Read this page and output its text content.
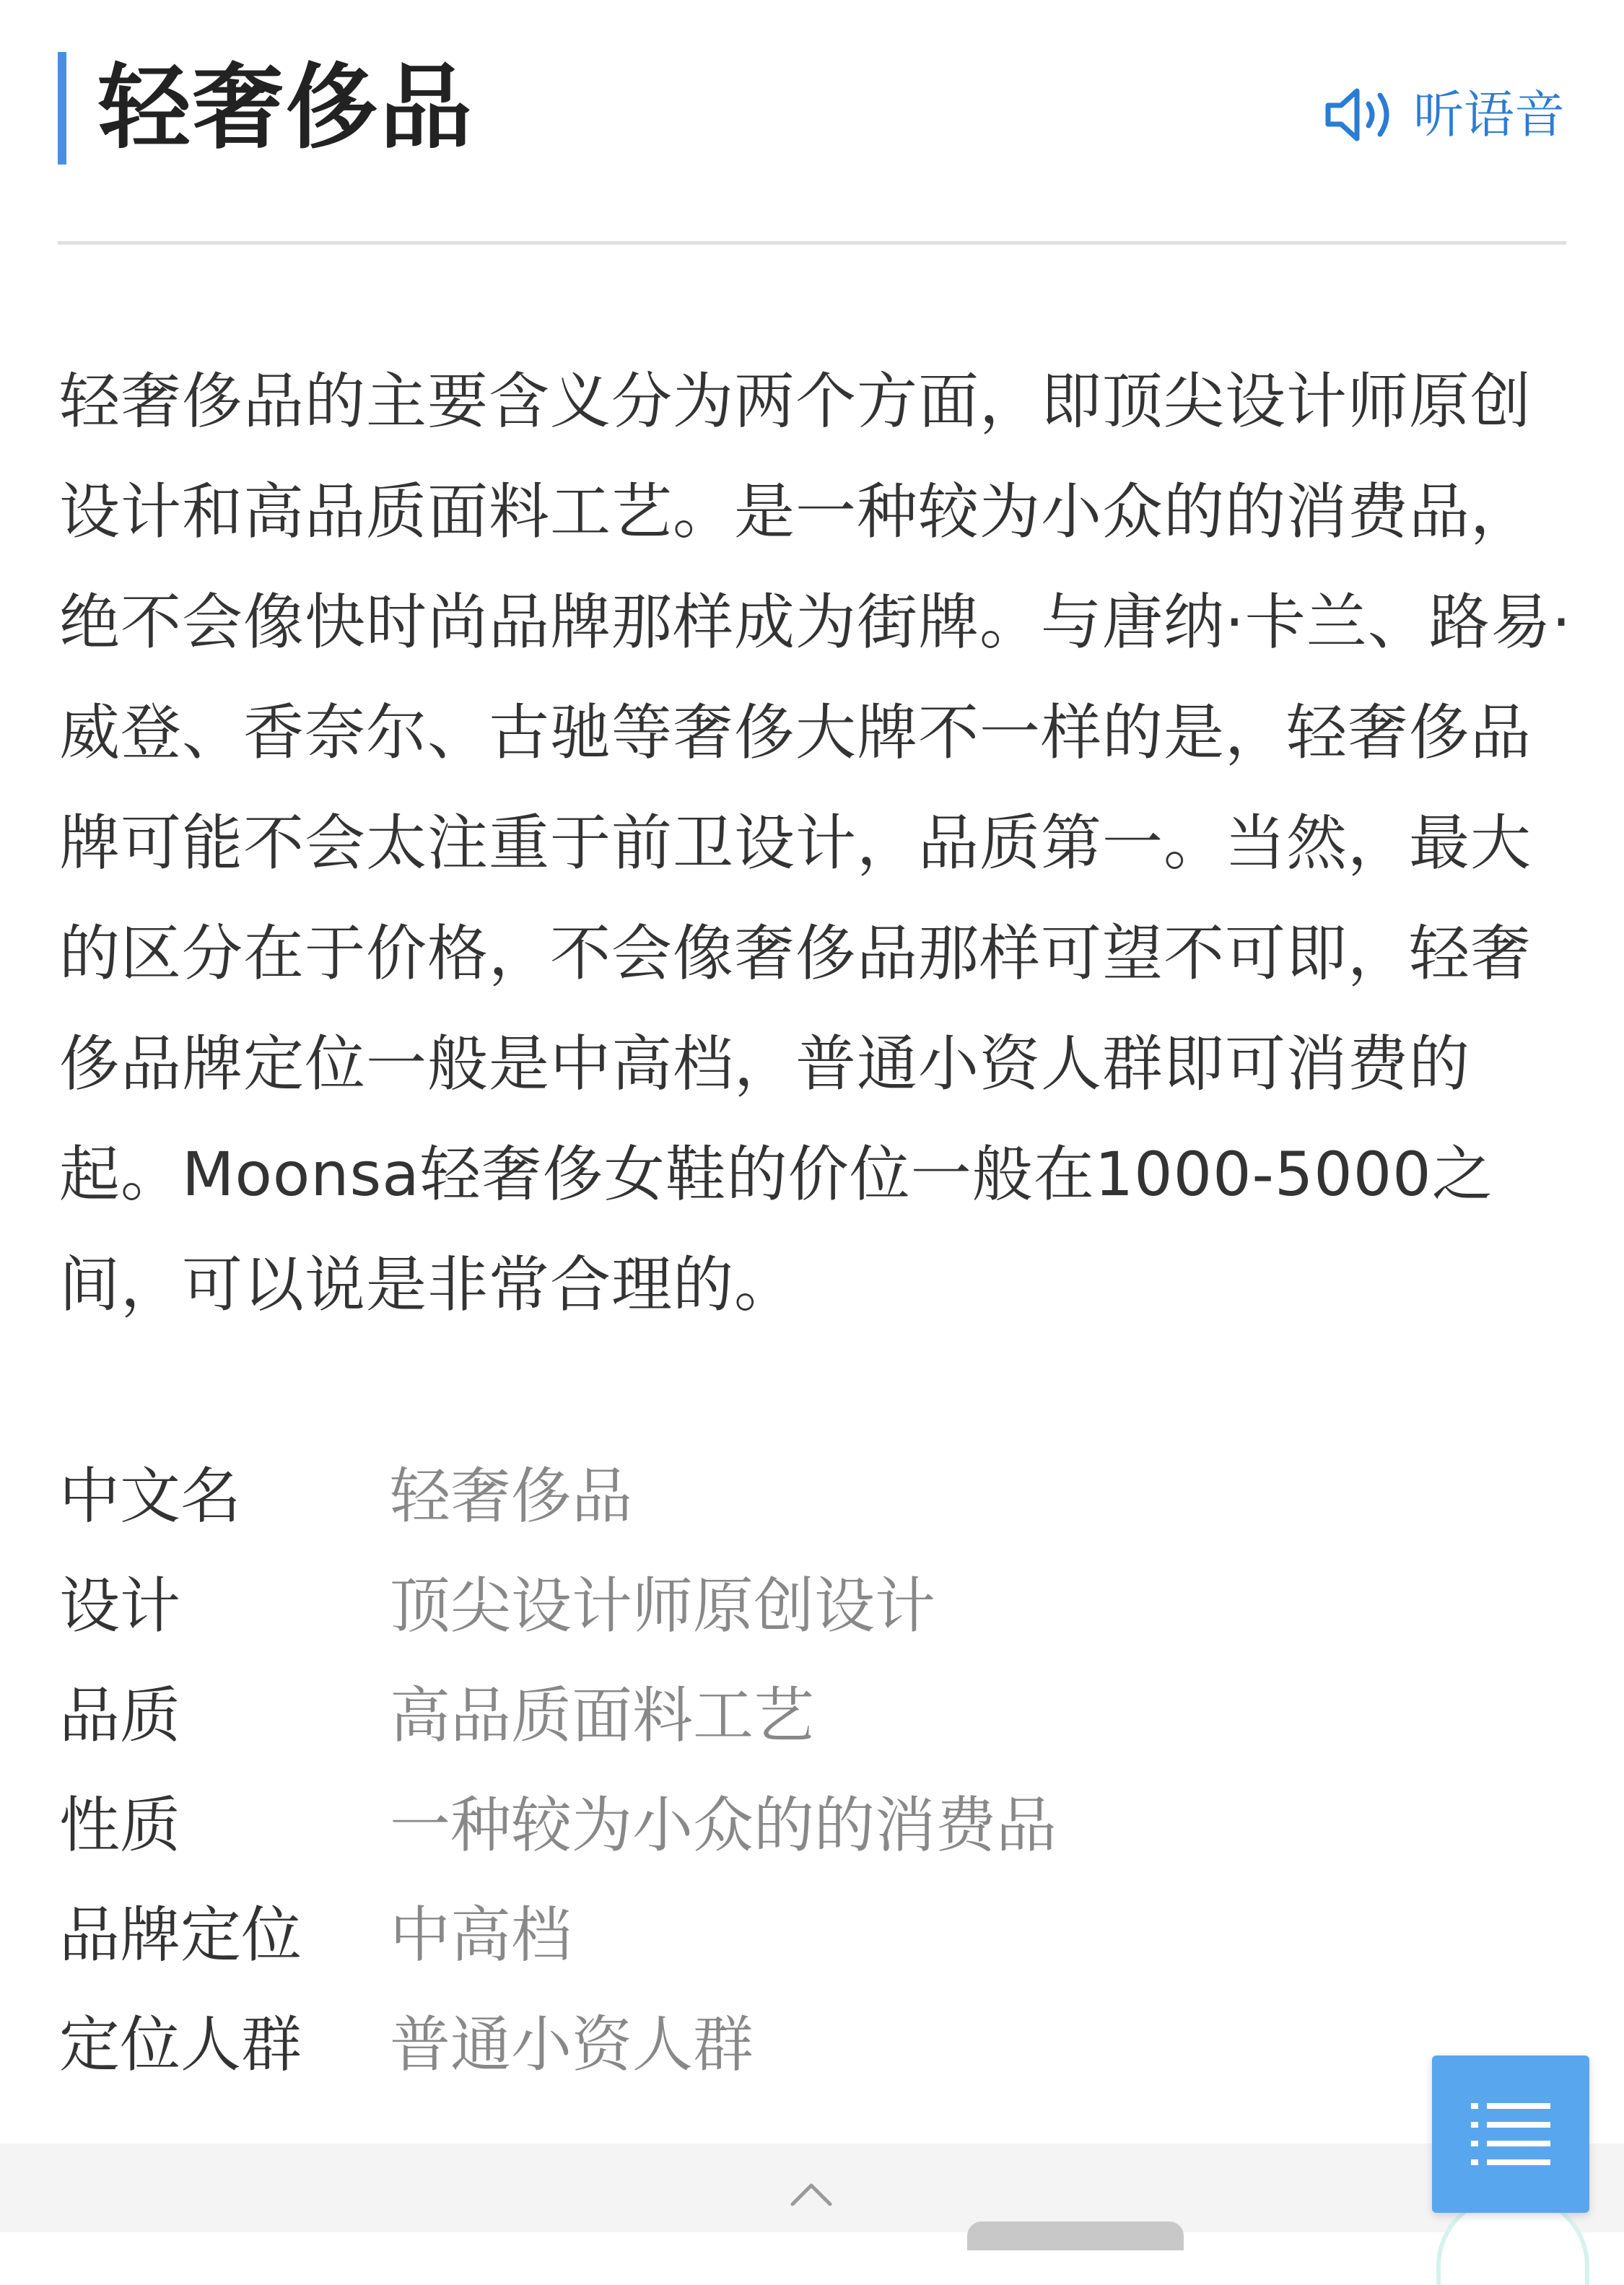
轻奢侈品	听语音
轻奢侈品的主要含义分为两个方面，即顶尖设计师原创设计和高品质面料工艺。是一种较为小众的的消费品，绝不会像快时尚品牌那样成为街牌。与唐纳·卡兰、路易·威登、香奈尔、古驰等奢侈大牌不一样的是，轻奢侈品牌可能不会太注重于前卫设计，品质第一。当然，最大的区分在于价格，不会像奢侈品那样可望不可即，轻奢侈品牌定位一般是中高档，普通小资人群即可消费的起。Moonsa轻奢侈女鞋的价位一般在1000-5000之间，可以说是非常合理的。
中文名	轻奢侈品
设计	顶尖设计师原创设计
品质	高品质面料工艺
性质	一种较为小众的的消费品
品牌定位	中高档
定位人群	普通小资人群
